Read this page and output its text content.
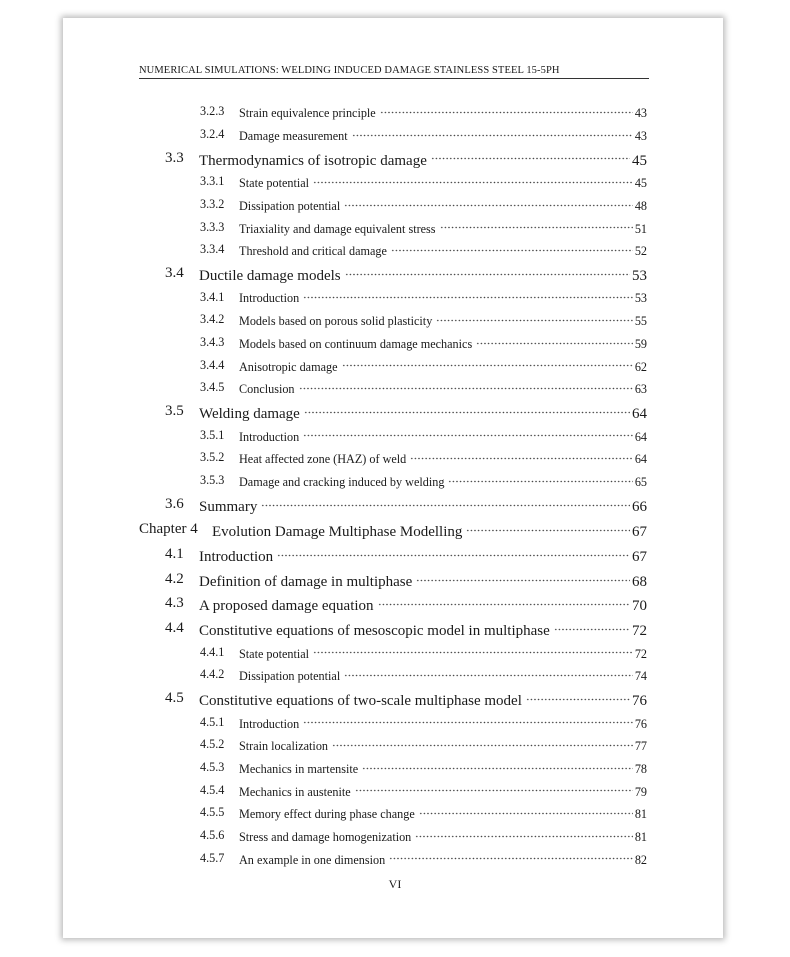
NUMERICAL SIMULATIONS: WELDING INDUCED DAMAGE STAINLESS STEEL 15-5PH
3.2.3 Strain equivalence principle	43
3.2.4 Damage measurement	43
3.3 Thermodynamics of isotropic damage	45
3.3.1 State potential	45
3.3.2 Dissipation potential	48
3.3.3 Triaxiality and damage equivalent stress	51
3.3.4 Threshold and critical damage	52
3.4 Ductile damage models	53
3.4.1 Introduction	53
3.4.2 Models based on porous solid plasticity	55
3.4.3 Models based on continuum damage mechanics	59
3.4.4 Anisotropic damage	62
3.4.5 Conclusion	63
3.5 Welding damage	64
3.5.1 Introduction	64
3.5.2 Heat affected zone (HAZ) of weld	64
3.5.3 Damage and cracking induced by welding	65
3.6 Summary	66
Chapter 4 Evolution Damage Multiphase Modelling	67
4.1 Introduction	67
4.2 Definition of damage in multiphase	68
4.3 A proposed damage equation	70
4.4 Constitutive equations of mesoscopic model in multiphase	72
4.4.1 State potential	72
4.4.2 Dissipation potential	74
4.5 Constitutive equations of two-scale multiphase model	76
4.5.1 Introduction	76
4.5.2 Strain localization	77
4.5.3 Mechanics in martensite	78
4.5.4 Mechanics in austenite	79
4.5.5 Memory effect during phase change	81
4.5.6 Stress and damage homogenization	81
4.5.7 An example in one dimension	82
VI
